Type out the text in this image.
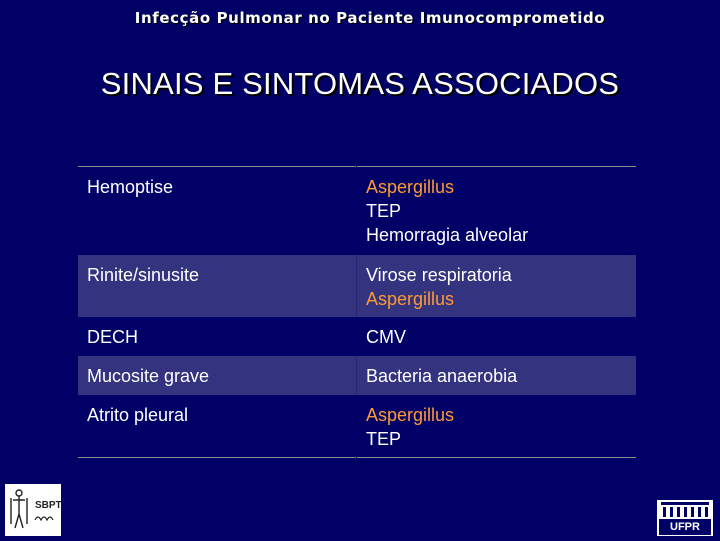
Infecção Pulmonar no Paciente Imunocomprometido
SINAIS E SINTOMAS ASSOCIADOS
Hemoptise	Aspergillus
TEP
Hemorragia alveolar

Rinite/sinusite	Virose respiratoria
Aspergillus

DECH	CMV

Mucosite grave	Bacteria anaerobia

Atrito pleural	Aspergillus
TEP
SBPT
UFPR
